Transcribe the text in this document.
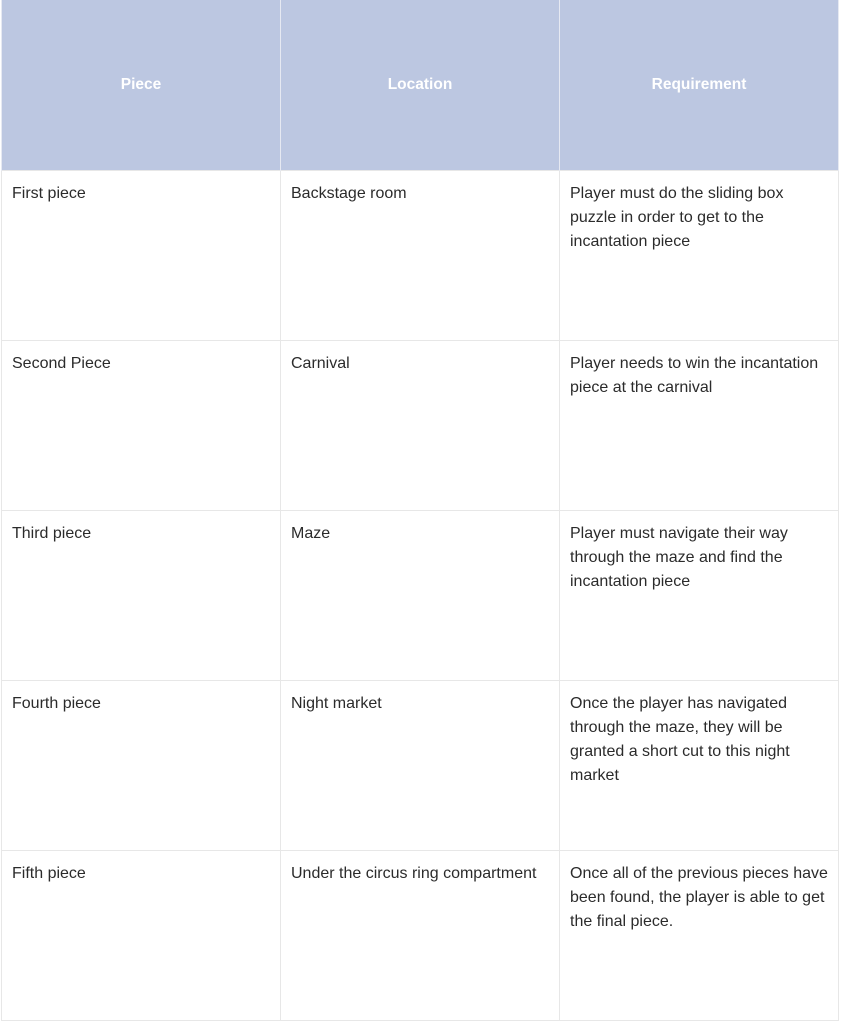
Piece	Location	Requirement
First piece	Backstage room	Player must do the sliding box puzzle in order to get to the incantation piece
Second Piece	Carnival	Player needs to win the incantation piece at the carnival
Third piece	Maze	Player must navigate their way through the maze and find the incantation piece
Fourth piece	Night market	Once the player has navigated through the maze, they will be granted a short cut to this night market
Fifth piece	Under the circus ring compartment	Once all of the previous pieces have been found, the player is able to get the final piece.
